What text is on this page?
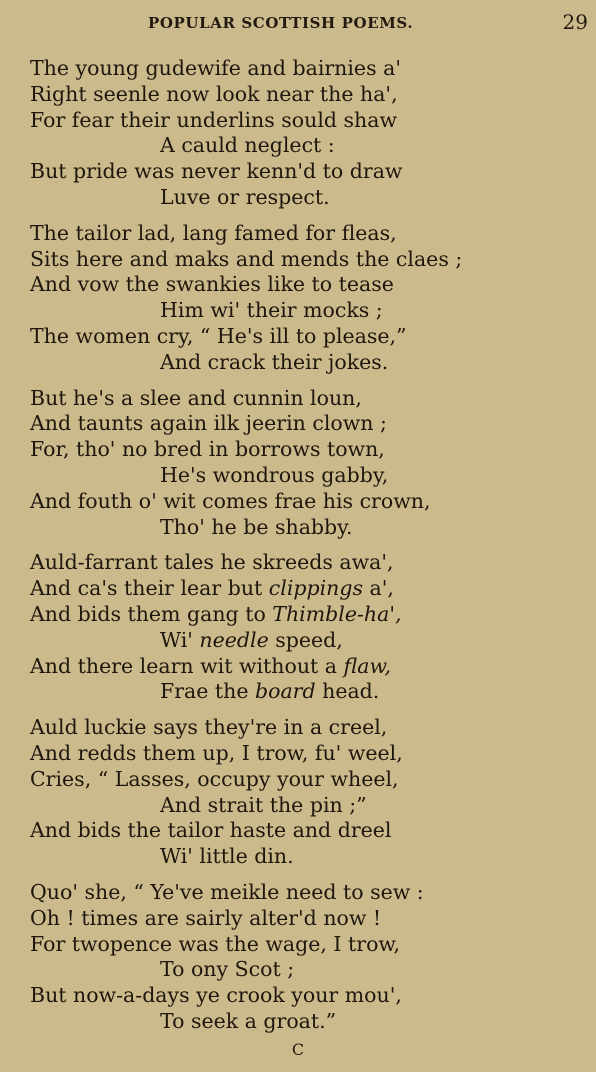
POPULAR SCOTTISH POEMS.	29
The young gudewife and bairnies a'
Right seenle now look near the ha',
For fear their underlins sould shaw
A cauld neglect :
But pride was never kenn'd to draw
Luve or respect.
The tailor lad, lang famed for fleas,
Sits here and maks and mends the claes ;
And vow the swankies like to tease
Him wi' their mocks ;
The women cry, “ He's ill to please,”
And crack their jokes.
But he's a slee and cunnin loun,
And taunts again ilk jeerin clown ;
For, tho' no bred in borrows town,
He's wondrous gabby,
And fouth o' wit comes frae his crown,
Tho' he be shabby.
Auld-farrant tales he skreeds awa',
And ca's their lear but clippings a',
And bids them gang to Thimble-ha',
Wi' needle speed,
And there learn wit without a flaw,
Frae the board head.
Auld luckie says they're in a creel,
And redds them up, I trow, fu' weel,
Cries, “ Lasses, occupy your wheel,
And strait the pin ;”
And bids the tailor haste and dreel
Wi' little din.
Quo' she, “ Ye've meikle need to sew :
Oh ! times are sairly alter'd now !
For twopence was the wage, I trow,
To ony Scot ;
But now-a-days ye crook your mou',
To seek a groat.”
C
